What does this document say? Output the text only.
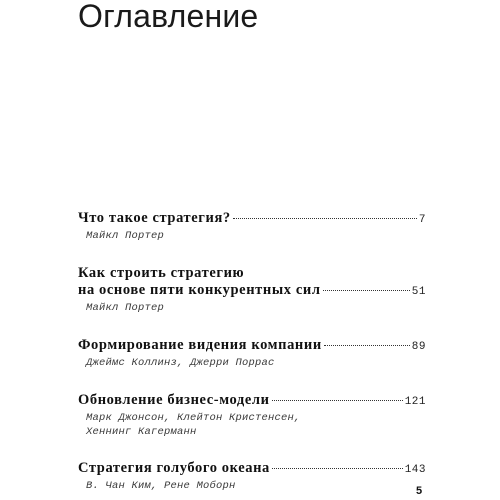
Оглавление
Что такое стратегия?	7
Майкл Портер
Как строить стратегию
на основе пяти конкурентных сил	51
Майкл Портер
Формирование видения компании	89
Джеймс Коллинз, Джерри Поррас
Обновление бизнес-модели	121
Марк Джонсон, Клейтон Кристенсен,
Хеннинг Кагерманн
Стратегия голубого океана	143
В. Чан Ким, Рене Моборн	5
